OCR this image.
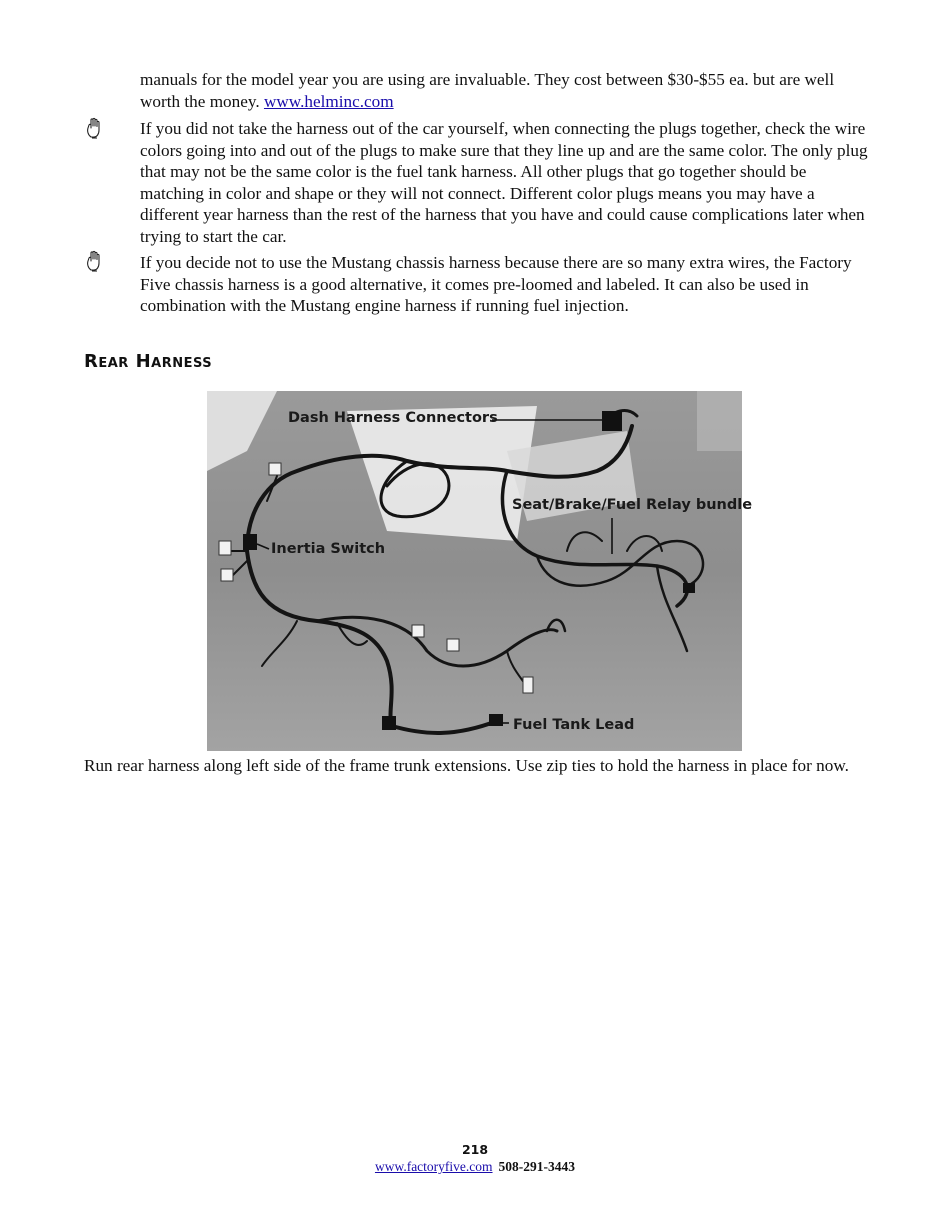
manuals for the model year you are using are invaluable. They cost between $30-$55 ea. but are well worth the money. www.helminc.com
If you did not take the harness out of the car yourself, when connecting the plugs together, check the wire colors going into and out of the plugs to make sure that they line up and are the same color. The only plug that may not be the same color is the fuel tank harness. All other plugs that go together should be matching in color and shape or they will not connect. Different color plugs means you may have a different year harness than the rest of the harness that you have and could cause complications later when trying to start the car.
If you decide not to use the Mustang chassis harness because there are so many extra wires, the Factory Five chassis harness is a good alternative, it comes pre-loomed and labeled. It can also be used in combination with the Mustang engine harness if running fuel injection.
Rear Harness
Dash Harness Connectors
Seat/Brake/Fuel Relay bundle
Inertia Switch
Fuel Tank Lead
Run rear harness along left side of the frame trunk extensions. Use zip ties to hold the harness in place for now.
218
www.factoryfive.com 508-291-3443
